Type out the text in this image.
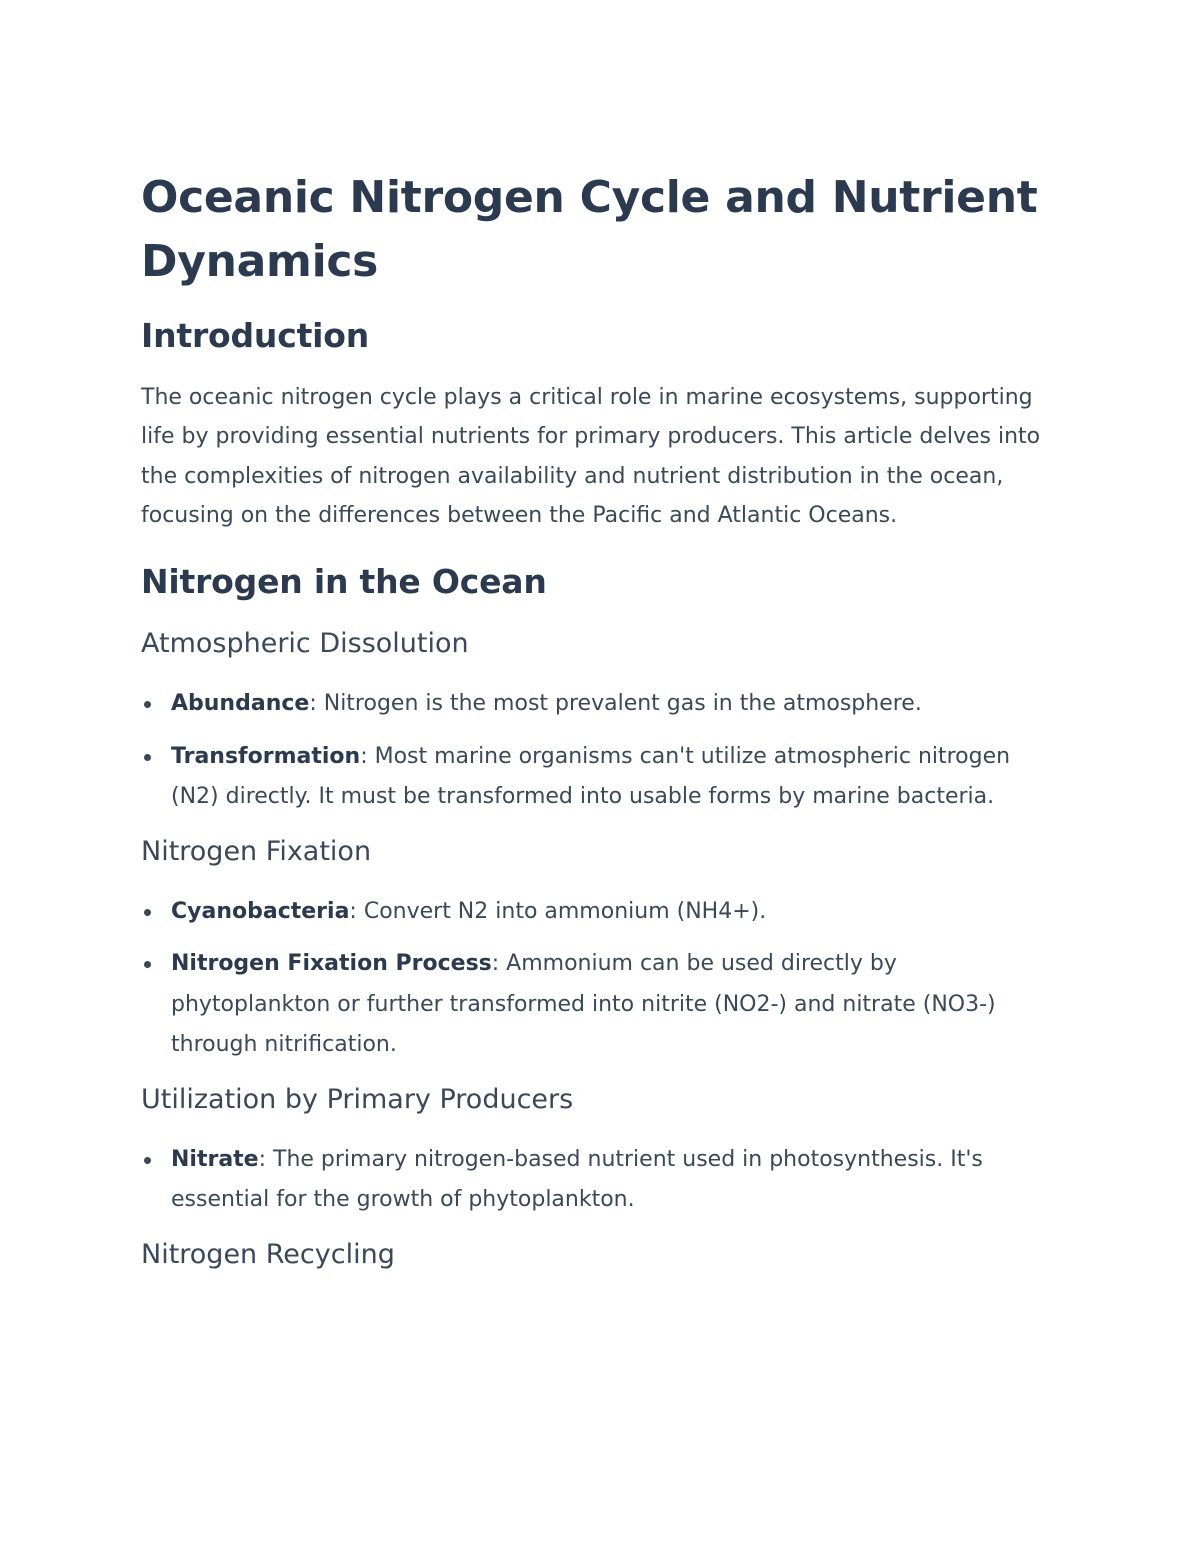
Oceanic Nitrogen Cycle and Nutrient Dynamics
Introduction

The oceanic nitrogen cycle plays a critical role in marine ecosystems, supporting life by providing essential nutrients for primary producers. This article delves into the complexities of nitrogen availability and nutrient distribution in the ocean, focusing on the differences between the Pacific and Atlantic Oceans.

Nitrogen in the Ocean
Atmospheric Dissolution
Abundance: Nitrogen is the most prevalent gas in the atmosphere.
Transformation: Most marine organisms can't utilize atmospheric nitrogen (N2) directly. It must be transformed into usable forms by marine bacteria.
Nitrogen Fixation
Cyanobacteria: Convert N2 into ammonium (NH4+).
Nitrogen Fixation Process: Ammonium can be used directly by phytoplankton or further transformed into nitrite (NO2-) and nitrate (NO3-) through nitrification.
Utilization by Primary Producers
Nitrate: The primary nitrogen-based nutrient used in photosynthesis. It's essential for the growth of phytoplankton.
Nitrogen Recycling
